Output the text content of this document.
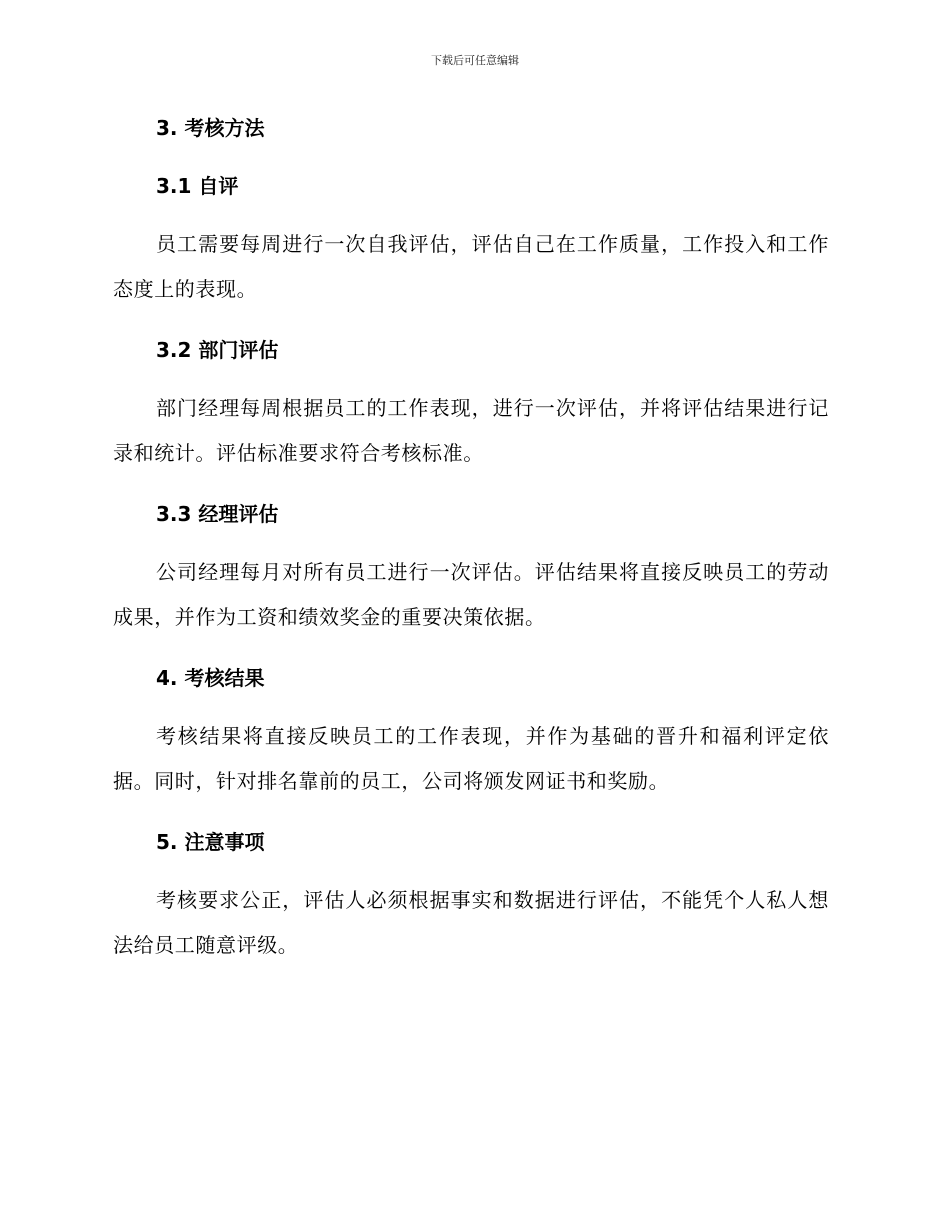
下载后可任意编辑
3. 考核方法
3.1 自评

员工需要每周进行一次自我评估，评估自己在工作质量，工作投入和工作态度上的表现。

3.2 部门评估

部门经理每周根据员工的工作表现，进行一次评估，并将评估结果进行记录和统计。评估标准要求符合考核标准。

3.3 经理评估

公司经理每月对所有员工进行一次评估。评估结果将直接反映员工的劳动成果，并作为工资和绩效奖金的重要决策依据。

4. 考核结果

考核结果将直接反映员工的工作表现，并作为基础的晋升和福利评定依据。同时，针对排名靠前的员工，公司将颁发网证书和奖励。

5. 注意事项

考核要求公正，评估人必须根据事实和数据进行评估，不能凭个人私人想法给员工随意评级。
